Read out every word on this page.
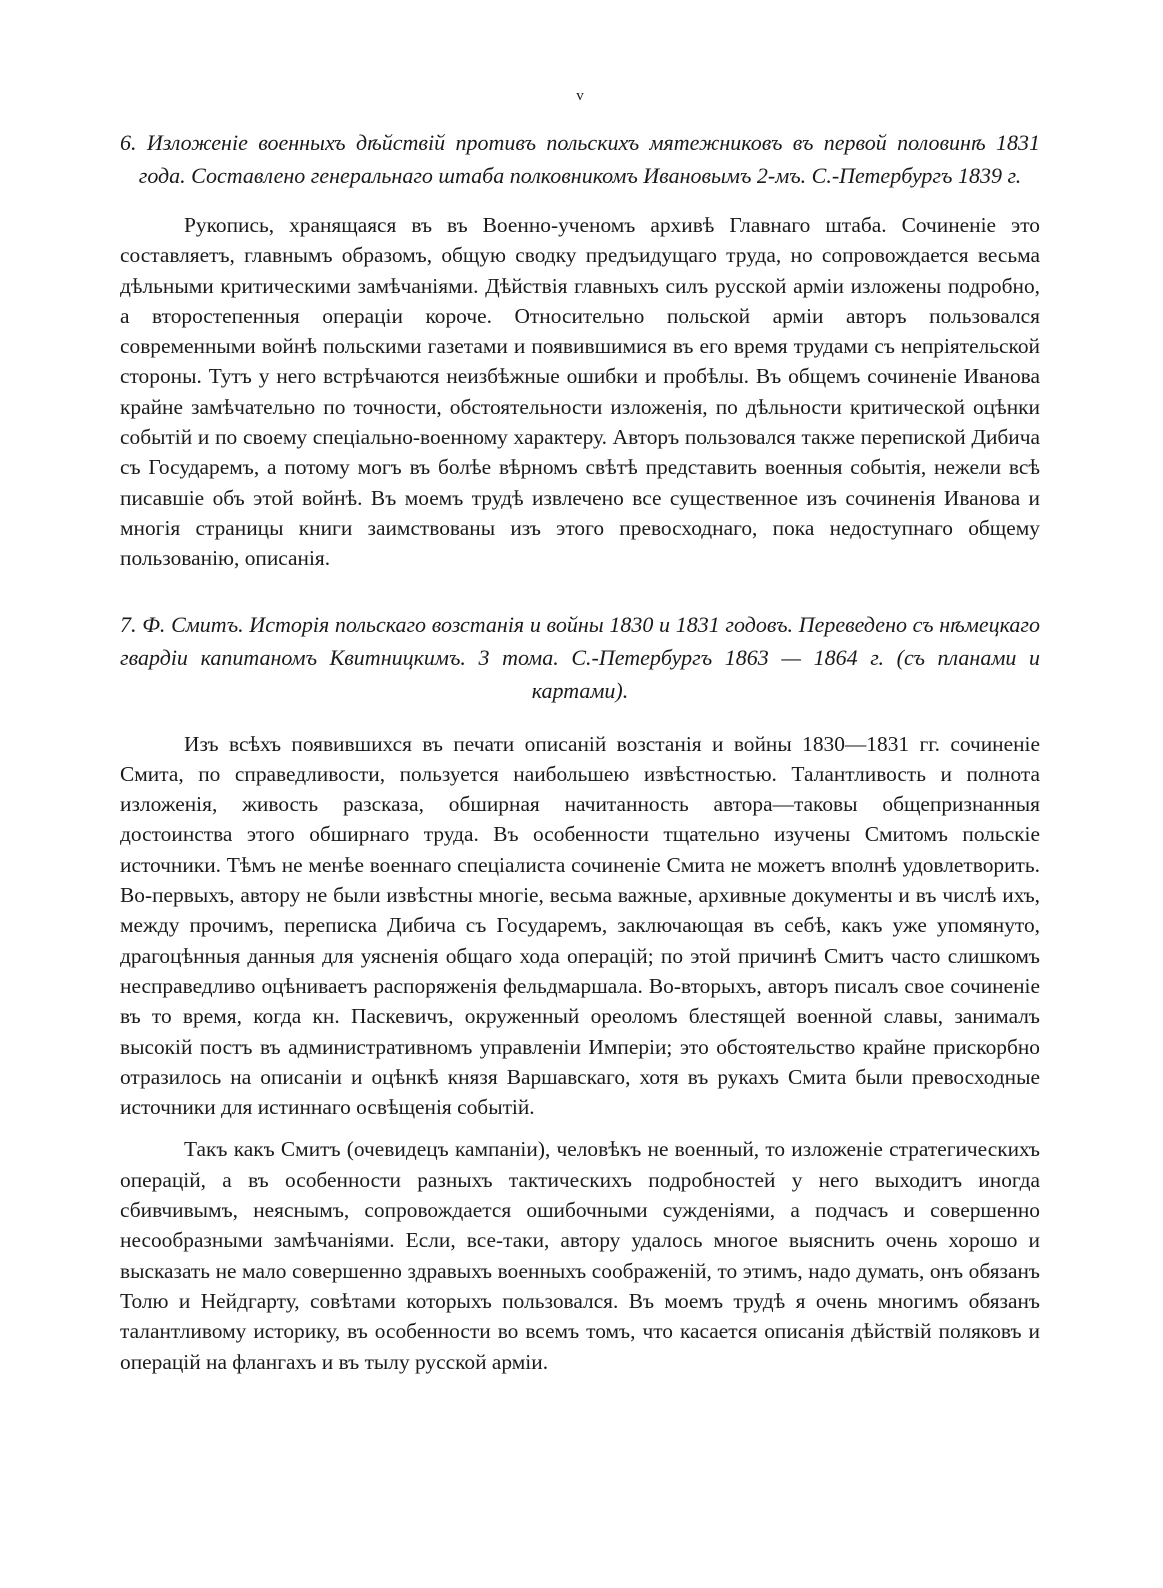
v
6. Изложеніе военныхъ дѣйствій противъ польскихъ мятежниковъ въ первой половинѣ 1831 года. Составлено генеральнаго штаба полковникомъ Ивановымъ 2-мъ. С.-Петербургъ 1839 г.

Рукопись, хранящаяся въ въ Военно-ученомъ архивѣ Главнаго штаба. Сочиненіе это составляетъ, главнымъ образомъ, общую сводку предъидущаго труда, но сопровождается весьма дѣльными критическими замѣчаніями. Дѣйствія главныхъ силъ русской арміи изложены подробно, а второстепенныя операціи короче. Относительно польской арміи авторъ пользовался современными войнѣ польскими газетами и появившимися въ его время трудами съ непріятельской стороны. Тутъ у него встрѣчаются неизбѣжные ошибки и пробѣлы. Въ общемъ сочиненіе Иванова крайне замѣчательно по точности, обстоятельности изложенія, по дѣльности критической оцѣнки событій и по своему спеціально-военному характеру. Авторъ пользовался также перепиской Дибича съ Государемъ, а потому могъ въ болѣе вѣрномъ свѣтѣ представить военныя событія, нежели всѣ писавшіе объ этой войнѣ. Въ моемъ трудѣ извлечено все существенное изъ сочиненія Иванова и многія страницы книги заимствованы изъ этого превосходнаго, пока недоступнаго общему пользованію, описанія.

7. Ф. Смитъ. Исторія польскаго возстанія и войны 1830 и 1831 годовъ. Переведено съ нѣмецкаго гвардіи капитаномъ Квитницкимъ. 3 тома. С.-Петербургъ 1863 — 1864 г. (съ планами и картами).

Изъ всѣхъ появившихся въ печати описаній возстанія и войны 1830—1831 гг. сочиненіе Смита, по справедливости, пользуется наибольшею извѣстностью. Талантливость и полнота изложенія, живость разсказа, обширная начитанность автора—таковы общепризнанныя достоинства этого обширнаго труда. Въ особенности тщательно изучены Смитомъ польскіе источники. Тѣмъ не менѣе военнаго спеціалиста сочиненіе Смита не можетъ вполнѣ удовлетворить. Во-первыхъ, автору не были извѣстны многіе, весьма важные, архивные документы и въ числѣ ихъ, между прочимъ, переписка Дибича съ Государемъ, заключающая въ себѣ, какъ уже упомянуто, драгоцѣнныя данныя для уясненія общаго хода операцій; по этой причинѣ Смитъ часто слишкомъ несправедливо оцѣниваетъ распоряженія фельдмаршала. Во-вторыхъ, авторъ писалъ свое сочиненіе въ то время, когда кн. Паскевичъ, окруженный ореоломъ блестящей военной славы, занималъ высокій постъ въ административномъ управленіи Имперіи; это обстоятельство крайне прискорбно отразилось на описаніи и оцѣнкѣ князя Варшавскаго, хотя въ рукахъ Смита были превосходные источники для истиннаго освѣщенія событій.

Такъ какъ Смитъ (очевидецъ кампаніи), человѣкъ не военный, то изложеніе стратегическихъ операцій, а въ особенности разныхъ тактическихъ подробностей у него выходитъ иногда сбивчивымъ, неяснымъ, сопровождается ошибочными сужденіями, а подчасъ и совершенно несообразными замѣчаніями. Если, все-таки, автору удалось многое выяснить очень хорошо и высказать не мало совершенно здравыхъ военныхъ соображеній, то этимъ, надо думать, онъ обязанъ Толю и Нейдгарту, совѣтами которыхъ пользовался. Въ моемъ трудѣ я очень многимъ обязанъ талантливому историку, въ особенности во всемъ томъ, что касается описанія дѣйствій поляковъ и операцій на флангахъ и въ тылу русской арміи.
